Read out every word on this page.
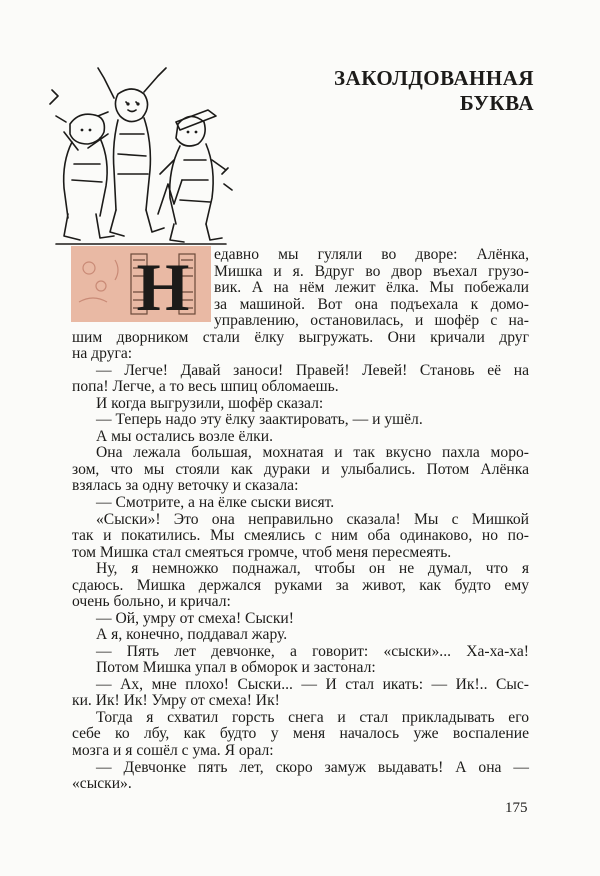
ЗАКОЛДОВАННАЯ
БУКВА
Н едавно мы гуляли во дворе: Алёнка,

Мишка и я. Вдруг во двор въехал грузо-

вик. А на нём лежит ёлка. Мы побежали

за машиной. Вот она подъехала к домо-

управлению, остановилась, и шофёр с на-

шим дворником стали ёлку выгружать. Они кричали друг

на друга:

— Легче! Давай заноси! Правей! Левей! Становь её на

попа! Легче, а то весь шпиц обломаешь.

И когда выгрузили, шофёр сказал:

— Теперь надо эту ёлку заактировать, — и ушёл.

А мы остались возле ёлки.

Она лежала большая, мохнатая и так вкусно пахла моро-

зом, что мы стояли как дураки и улыбались. Потом Алёнка

взялась за одну веточку и сказала:

— Смотрите, а на ёлке сыски висят.

«Сыски»! Это она неправильно сказала! Мы с Мишкой

так и покатились. Мы смеялись с ним оба одинаково, но по-

том Мишка стал смеяться громче, чтоб меня пересмеять.

Ну, я немножко поднажал, чтобы он не думал, что я

сдаюсь. Мишка держался руками за живот, как будто ему

очень больно, и кричал:

— Ой, умру от смеха! Сыски!

А я, конечно, поддавал жару.

— Пять лет девчонке, а говорит: «сыски»... Ха-ха-ха!

Потом Мишка упал в обморок и застонал:

— Ах, мне плохо! Сыски... — И стал икать: — Ик!.. Сыс-

ки. Ик! Ик! Умру от смеха! Ик!

Тогда я схватил горсть снега и стал прикладывать его

себе ко лбу, как будто у меня началось уже воспаление

мозга и я сошёл с ума. Я орал:

— Девчонке пять лет, скоро замуж выдавать! А она —

«сыски».

175
